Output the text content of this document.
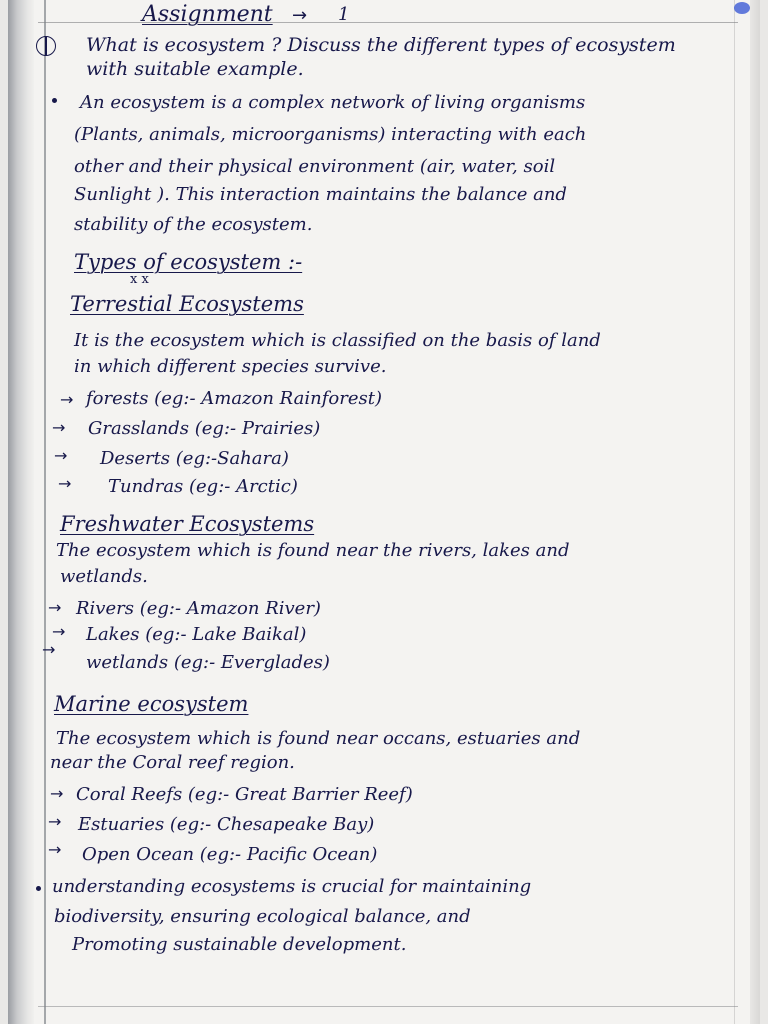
Assignment → 1

What is ecosystem ? Discuss the different types of ecosystem

with suitable example.

An ecosystem is a complex network of living organisms

(Plants, animals, microorganisms) interacting with each

other and their physical environment (air, water, soil

Sunlight ). This interaction maintains the balance and

stability of the ecosystem.

Types of ecosystem :-

x x

Terrestial Ecosystems

It is the ecosystem which is classified on the basis of land

in which different species survive.

→ forests (eg:- Amazon Rainforest)

→ Grasslands (eg:- Prairies)

→ Deserts (eg:-Sahara)

→ Tundras (eg:- Arctic)

Freshwater Ecosystems

The ecosystem which is found near the rivers, lakes and

wetlands.

→ Rivers (eg:- Amazon River)

→ Lakes (eg:- Lake Baikal)

→

wetlands (eg:- Everglades)

Marine ecosystem

The ecosystem which is found near occans, estuaries and

near the Coral reef region.

→ Coral Reefs (eg:- Great Barrier Reef)

→ Estuaries (eg:- Chesapeake Bay)

→ Open Ocean (eg:- Pacific Ocean)

understanding ecosystems is crucial for maintaining

biodiversity, ensuring ecological balance, and

Promoting sustainable development.
